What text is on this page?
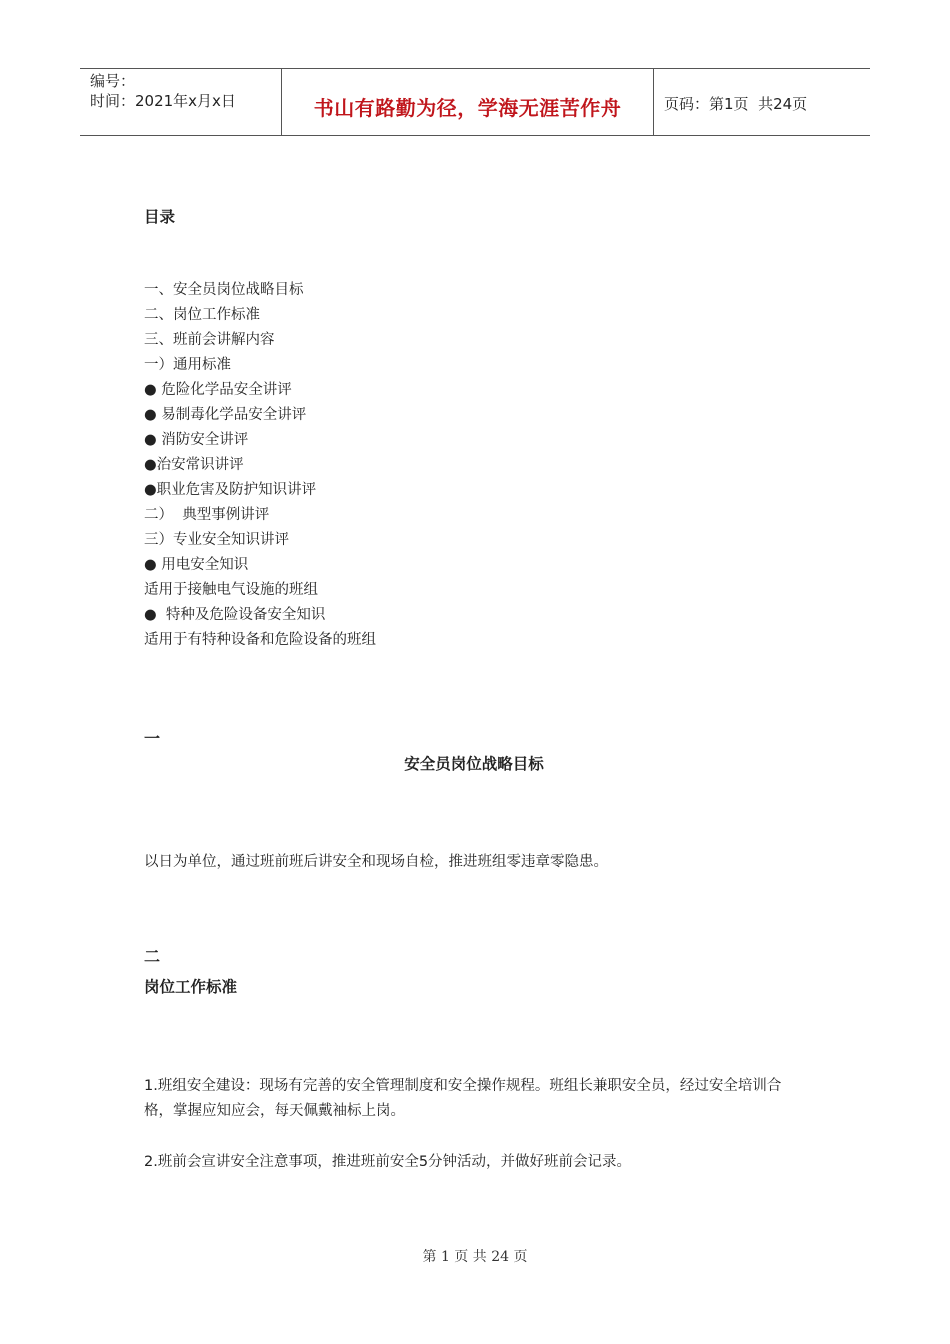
编号：
时间：2021年x月x日	书山有路勤为径，学海无涯苦作舟	页码：第1页  共24页
目录
一、安全员岗位战略目标
二、岗位工作标准
三、班前会讲解内容
一）通用标准
● 危险化学品安全讲评
● 易制毒化学品安全讲评
● 消防安全讲评
●治安常识讲评
●职业危害及防护知识讲评
二）  典型事例讲评
三）专业安全知识讲评
● 用电安全知识
适用于接触电气设施的班组
●  特种及危险设备安全知识
适用于有特种设备和危险设备的班组
一
安全员岗位战略目标
以日为单位，通过班前班后讲安全和现场自检，推进班组零违章零隐患。
二
岗位工作标准
1.班组安全建设：现场有完善的安全管理制度和安全操作规程。班组长兼职安全员，经过安全培训合格，掌握应知应会，每天佩戴袖标上岗。
2.班前会宣讲安全注意事项，推进班前安全5分钟活动，并做好班前会记录。
第 1 页 共 24 页
